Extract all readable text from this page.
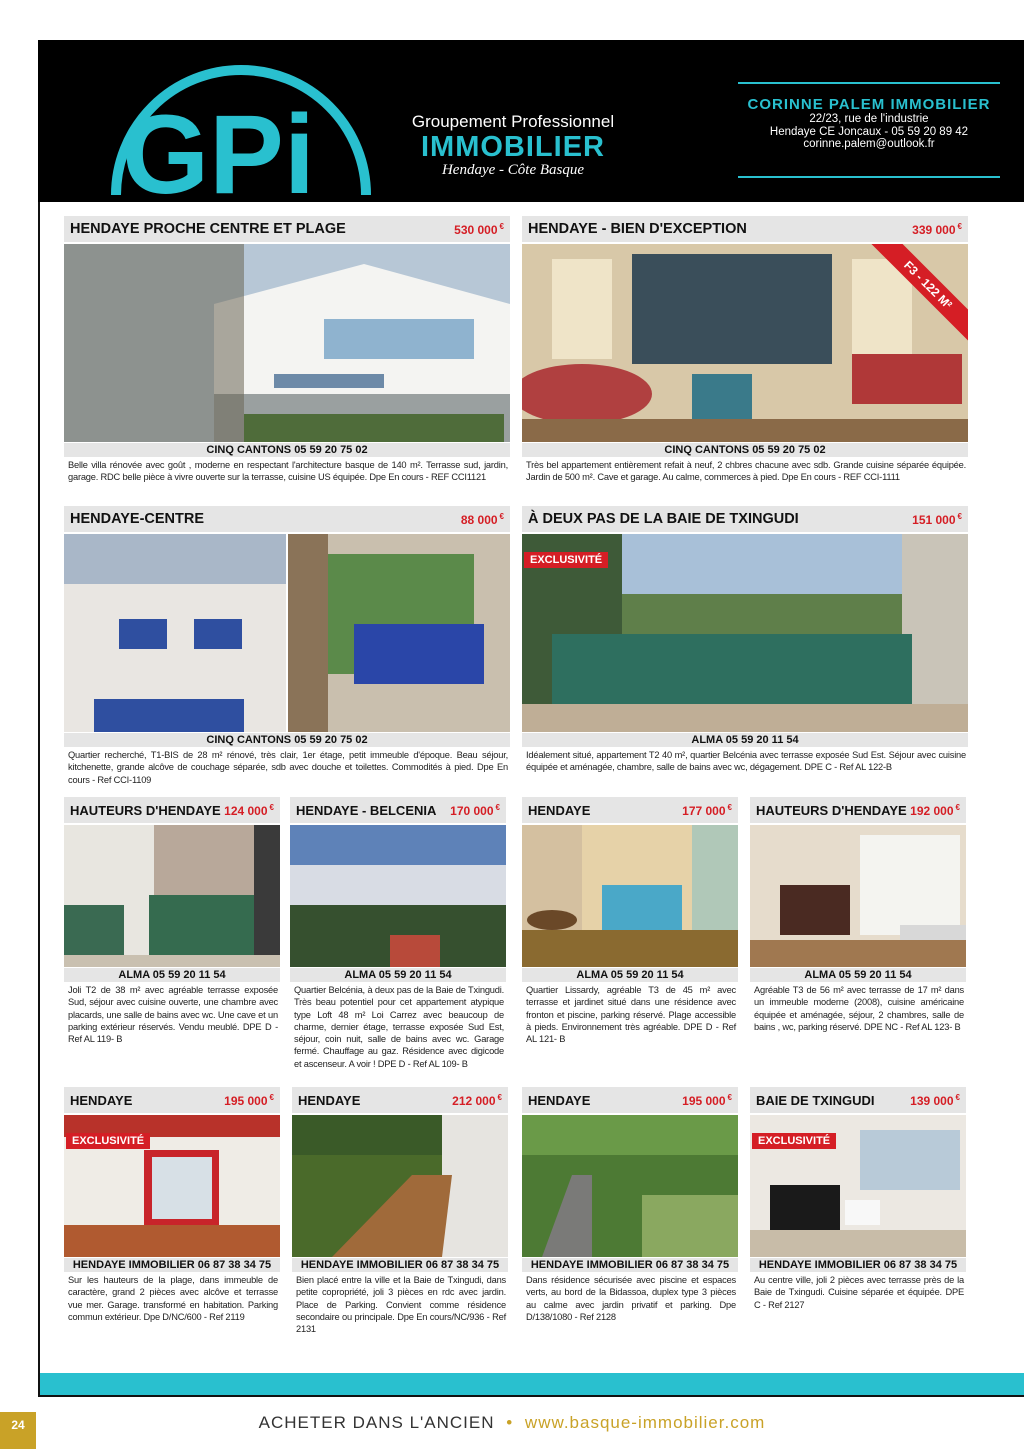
GPi	Groupement Professionnel
IMMOBILIER
Hendaye - Côte Basque
CORINNE PALEM IMMOBILIER
22/23, rue de l'industrie
Hendaye CE Joncaux - 05 59 20 89 42
corinne.palem@outlook.fr
HENDAYE PROCHE CENTRE ET PLAGE	530 000 €
CINQ CANTONS 05 59 20 75 02
Belle villa rénovée avec goût , moderne en respectant l'architecture basque de 140 m². Terrasse sud, jardin, garage. RDC belle pièce à vivre ouverte sur la terrasse, cuisine US équipée. Dpe En cours - REF CCI1121
HENDAYE - BIEN D'EXCEPTION	339 000 €
F3 - 122 M²
CINQ CANTONS 05 59 20 75 02
Très bel appartement entièrement refait à neuf, 2 chbres chacune avec sdb. Grande cuisine séparée équipée. Jardin de 500 m². Cave et garage. Au calme, commerces à pied. Dpe En cours - REF CCI-1111
HENDAYE-CENTRE	88 000 €
CINQ CANTONS 05 59 20 75 02
Quartier recherché, T1-BIS de 28 m² rénové, très clair, 1er étage, petit immeuble d'époque. Beau séjour, kitchenette, grande alcôve de couchage séparée, sdb avec douche et toilettes. Commodités à pied. Dpe En cours - Ref CCI-1109
À DEUX PAS DE LA BAIE DE TXINGUDI	151 000 €
EXCLUSIVITÉ
ALMA 05 59 20 11 54
Idéalement situé, appartement T2 40 m², quartier Belcénia avec terrasse exposée Sud Est. Séjour avec cuisine équipée et aménagée, chambre, salle de bains avec wc, dégagement. DPE C - Ref AL 122-B
HAUTEURS D'HENDAYE 124 000 €
ALMA 05 59 20 11 54
Joli T2 de 38 m² avec agréable terrasse exposée Sud, séjour avec cuisine ouverte, une chambre avec placards, une salle de bains avec wc. Une cave et un parking extérieur réservés. Vendu meublé. DPE D - Ref AL 119- B
HENDAYE - BELCENIA 170 000 €
ALMA 05 59 20 11 54
Quartier Belcénia, à deux pas de la Baie de Txingudi. Très beau potentiel pour cet appartement atypique type Loft 48 m² Loi Carrez avec beaucoup de charme, dernier étage, terrasse exposée Sud Est, séjour, coin nuit, salle de bains avec wc. Garage fermé. Chauffage au gaz. Résidence avec digicode et ascenseur. A voir ! DPE D - Ref AL 109- B
HENDAYE	177 000 €
ALMA 05 59 20 11 54
Quartier Lissardy, agréable T3 de 45 m² avec terrasse et jardinet situé dans une résidence avec fronton et piscine, parking réservé. Plage accessible à pieds. Environnement très agréable. DPE D - Ref AL 121- B
HAUTEURS D'HENDAYE 192 000 €
ALMA 05 59 20 11 54
Agréable T3 de 56 m² avec terrasse de 17 m² dans un immeuble moderne (2008), cuisine américaine équipée et aménagée, séjour, 2 chambres, salle de bains , wc, parking réservé. DPE NC - Ref AL 123- B
HENDAYE	195 000 €
EXCLUSIVITÉ
HENDAYE IMMOBILIER 06 87 38 34 75
Sur les hauteurs de la plage, dans immeuble de caractère, grand 2 pièces avec alcôve et terrasse vue mer. Garage. transformé en habitation. Parking commun extérieur. Dpe D/NC/600 - Ref 2119
HENDAYE	212 000 €
HENDAYE IMMOBILIER 06 87 38 34 75
Bien placé entre la ville et la Baie de Txingudi, dans petite copropriété, joli 3 pièces en rdc avec jardin. Place de Parking. Convient comme résidence secondaire ou principale. Dpe En cours/NC/936 - Ref 2131
HENDAYE	195 000 €
HENDAYE IMMOBILIER 06 87 38 34 75
Dans résidence sécurisée avec piscine et espaces verts, au bord de la Bidassoa, duplex type 3 pièces au calme avec jardin privatif et parking. Dpe D/138/1080 - Ref 2128
BAIE DE TXINGUDI	139 000 €
EXCLUSIVITÉ
HENDAYE IMMOBILIER 06 87 38 34 75
Au centre ville, joli 2 pièces avec terrasse près de la Baie de Txingudi. Cuisine séparée et équipée. DPE C - Ref 2127
24	ACHETER DANS L'ANCIEN • www.basque-immobilier.com
